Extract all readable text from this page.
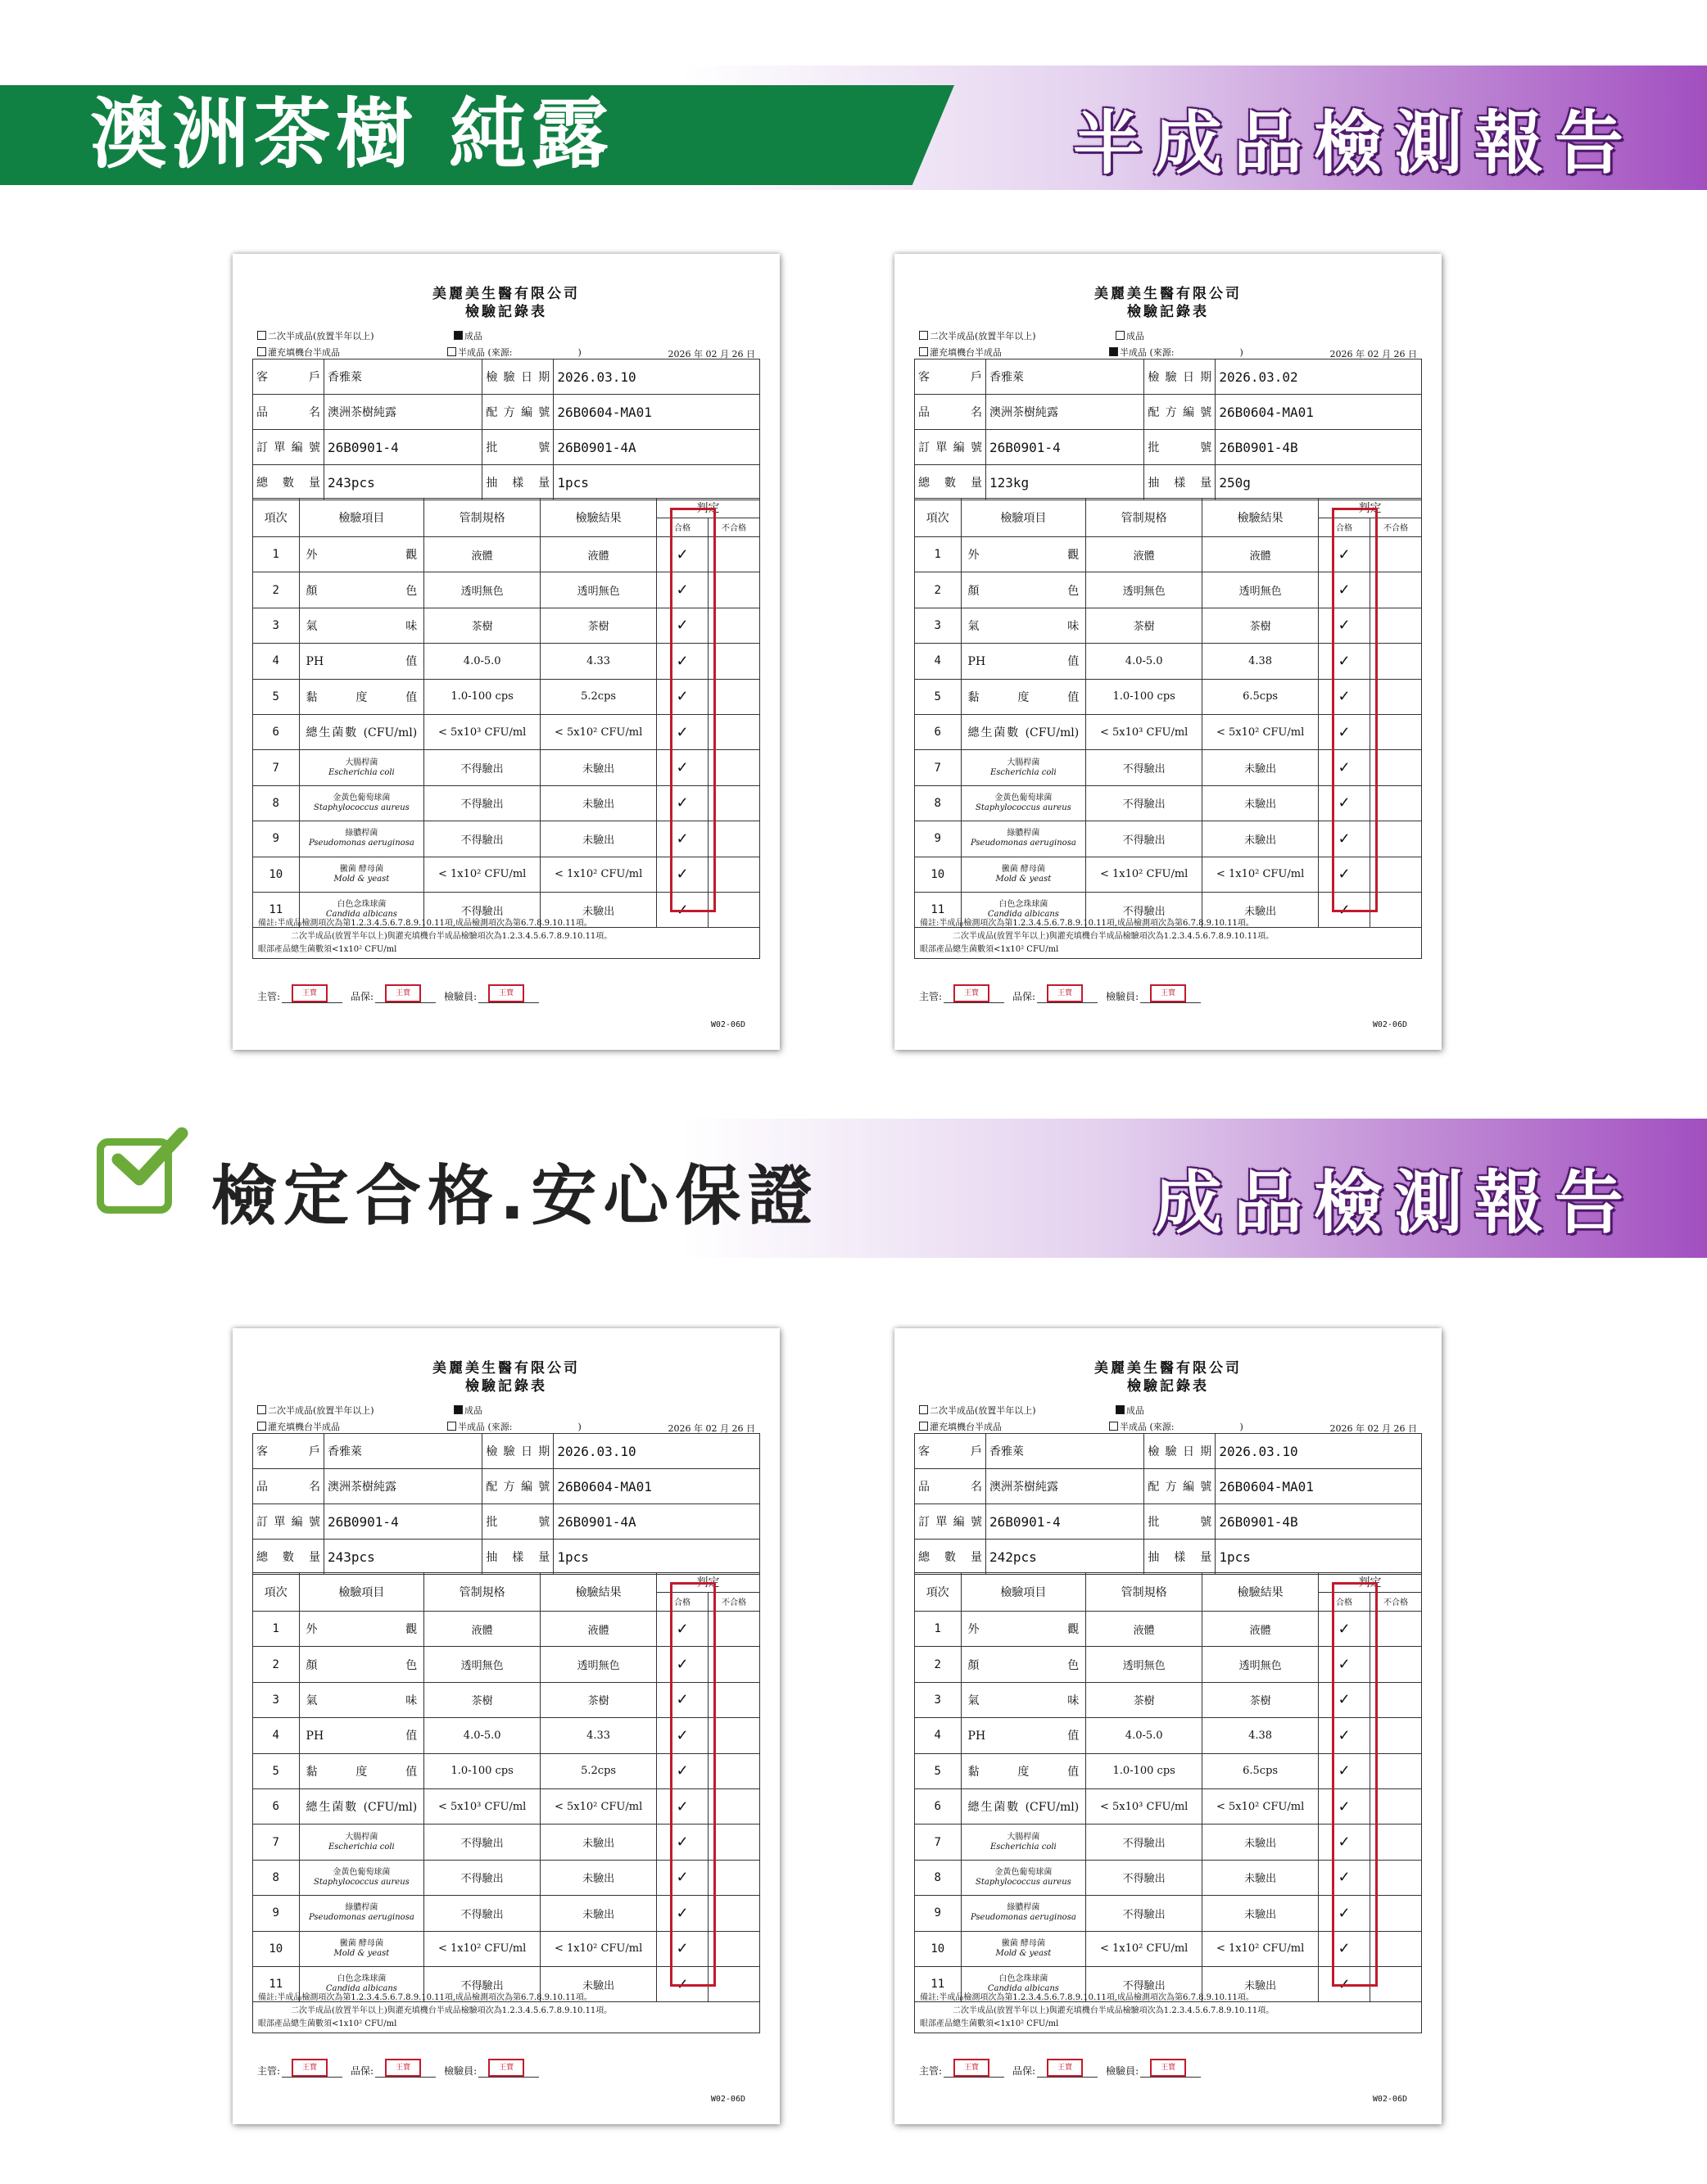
澳洲茶樹 純露	半成品檢測報告
檢定合格.安心保證	成品檢測報告
美麗美生醫有限公司
檢驗記錄表
二次半成品(放置半年以上)	成品
灌充填機台半成品	半成品 (來源:	)	2026 年 02 月 26 日
客 戶	香雅萊	檢驗日期	2026.03.10
品 名	澳洲茶樹純露	配方編號	26B0604-MA01
訂單編號	26B0901-4	批 號	26B0901-4A
總數量	243pcs	抽樣量	1pcs
項次	檢驗項目	管制規格	檢驗結果	判定	
				合格	不合格
1	外 觀	液體	液體	✓	
2	顏 色	透明無色	透明無色	✓	
3	氣 味	茶樹	茶樹	✓	
4	PH 值	4.0-5.0	4.33	✓	
5	黏 度 值	1.0-100 cps	5.2cps	✓	
6	總生菌數 (CFU/ml)	< 5x10³ CFU/ml	< 5x10² CFU/ml	✓	
7	大腸桿菌
Escherichia coli	不得驗出	未驗出	✓	
8	金黃色葡萄球菌
Staphylococcus aureus	不得驗出	未驗出	✓	
9	綠膿桿菌
Pseudomonas aeruginosa	不得驗出	未驗出	✓	
10	黴菌 酵母菌
Mold & yeast	< 1x10² CFU/ml	< 1x10² CFU/ml	✓	
11	白色念珠球菌
Candida albicans	不得驗出	未驗出	✓	
備註:半成品檢測項次為第1.2.3.4.5.6.7.8.9.10.11項,成品檢測項次為第6.7.8.9.10.11項。
二次半成品(放置半年以上)與灌充填機台半成品檢驗項次為1.2.3.4.5.6.7.8.9.10.11項。
眼部產品總生菌數須<1x10² CFU/ml
主管:	王寶	品保:	王寶	檢驗員:	王寶
W02-06D
美麗美生醫有限公司
檢驗記錄表
二次半成品(放置半年以上)	成品
灌充填機台半成品	半成品 (來源:	)	2026 年 02 月 26 日
客 戶	香雅萊	檢驗日期	2026.03.02
品 名	澳洲茶樹純露	配方編號	26B0604-MA01
訂單編號	26B0901-4	批 號	26B0901-4B
總數量	123kg	抽樣量	250g
項次	檢驗項目	管制規格	檢驗結果	判定	
				合格	不合格
1	外 觀	液體	液體	✓	
2	顏 色	透明無色	透明無色	✓	
3	氣 味	茶樹	茶樹	✓	
4	PH 值	4.0-5.0	4.38	✓	
5	黏 度 值	1.0-100 cps	6.5cps	✓	
6	總生菌數 (CFU/ml)	< 5x10³ CFU/ml	< 5x10² CFU/ml	✓	
7	大腸桿菌
Escherichia coli	不得驗出	未驗出	✓	
8	金黃色葡萄球菌
Staphylococcus aureus	不得驗出	未驗出	✓	
9	綠膿桿菌
Pseudomonas aeruginosa	不得驗出	未驗出	✓	
10	黴菌 酵母菌
Mold & yeast	< 1x10² CFU/ml	< 1x10² CFU/ml	✓	
11	白色念珠球菌
Candida albicans	不得驗出	未驗出	✓	
備註:半成品檢測項次為第1.2.3.4.5.6.7.8.9.10.11項,成品檢測項次為第6.7.8.9.10.11項。
二次半成品(放置半年以上)與灌充填機台半成品檢驗項次為1.2.3.4.5.6.7.8.9.10.11項。
眼部產品總生菌數須<1x10² CFU/ml
主管:	王寶	品保:	王寶	檢驗員:	王寶
W02-06D
美麗美生醫有限公司
檢驗記錄表
二次半成品(放置半年以上)	成品
灌充填機台半成品	半成品 (來源:	)	2026 年 02 月 26 日
客 戶	香雅萊	檢驗日期	2026.03.10
品 名	澳洲茶樹純露	配方編號	26B0604-MA01
訂單編號	26B0901-4	批 號	26B0901-4A
總數量	243pcs	抽樣量	1pcs
項次	檢驗項目	管制規格	檢驗結果	判定	
				合格	不合格
1	外 觀	液體	液體	✓	
2	顏 色	透明無色	透明無色	✓	
3	氣 味	茶樹	茶樹	✓	
4	PH 值	4.0-5.0	4.33	✓	
5	黏 度 值	1.0-100 cps	5.2cps	✓	
6	總生菌數 (CFU/ml)	< 5x10³ CFU/ml	< 5x10² CFU/ml	✓	
7	大腸桿菌
Escherichia coli	不得驗出	未驗出	✓	
8	金黃色葡萄球菌
Staphylococcus aureus	不得驗出	未驗出	✓	
9	綠膿桿菌
Pseudomonas aeruginosa	不得驗出	未驗出	✓	
10	黴菌 酵母菌
Mold & yeast	< 1x10² CFU/ml	< 1x10² CFU/ml	✓	
11	白色念珠球菌
Candida albicans	不得驗出	未驗出	✓	
備註:半成品檢測項次為第1.2.3.4.5.6.7.8.9.10.11項,成品檢測項次為第6.7.8.9.10.11項。
二次半成品(放置半年以上)與灌充填機台半成品檢驗項次為1.2.3.4.5.6.7.8.9.10.11項。
眼部產品總生菌數須<1x10² CFU/ml
主管:	王寶	品保:	王寶	檢驗員:	王寶
W02-06D
美麗美生醫有限公司
檢驗記錄表
二次半成品(放置半年以上)	成品
灌充填機台半成品	半成品 (來源:	)	2026 年 02 月 26 日
客 戶	香雅萊	檢驗日期	2026.03.10
品 名	澳洲茶樹純露	配方編號	26B0604-MA01
訂單編號	26B0901-4	批 號	26B0901-4B
總數量	242pcs	抽樣量	1pcs
項次	檢驗項目	管制規格	檢驗結果	判定	
				合格	不合格
1	外 觀	液體	液體	✓	
2	顏 色	透明無色	透明無色	✓	
3	氣 味	茶樹	茶樹	✓	
4	PH 值	4.0-5.0	4.38	✓	
5	黏 度 值	1.0-100 cps	6.5cps	✓	
6	總生菌數 (CFU/ml)	< 5x10³ CFU/ml	< 5x10² CFU/ml	✓	
7	大腸桿菌
Escherichia coli	不得驗出	未驗出	✓	
8	金黃色葡萄球菌
Staphylococcus aureus	不得驗出	未驗出	✓	
9	綠膿桿菌
Pseudomonas aeruginosa	不得驗出	未驗出	✓	
10	黴菌 酵母菌
Mold & yeast	< 1x10² CFU/ml	< 1x10² CFU/ml	✓	
11	白色念珠球菌
Candida albicans	不得驗出	未驗出	✓	
備註:半成品檢測項次為第1.2.3.4.5.6.7.8.9.10.11項,成品檢測項次為第6.7.8.9.10.11項。
二次半成品(放置半年以上)與灌充填機台半成品檢驗項次為1.2.3.4.5.6.7.8.9.10.11項。
眼部產品總生菌數須<1x10² CFU/ml
主管:	王寶	品保:	王寶	檢驗員:	王寶
W02-06D
